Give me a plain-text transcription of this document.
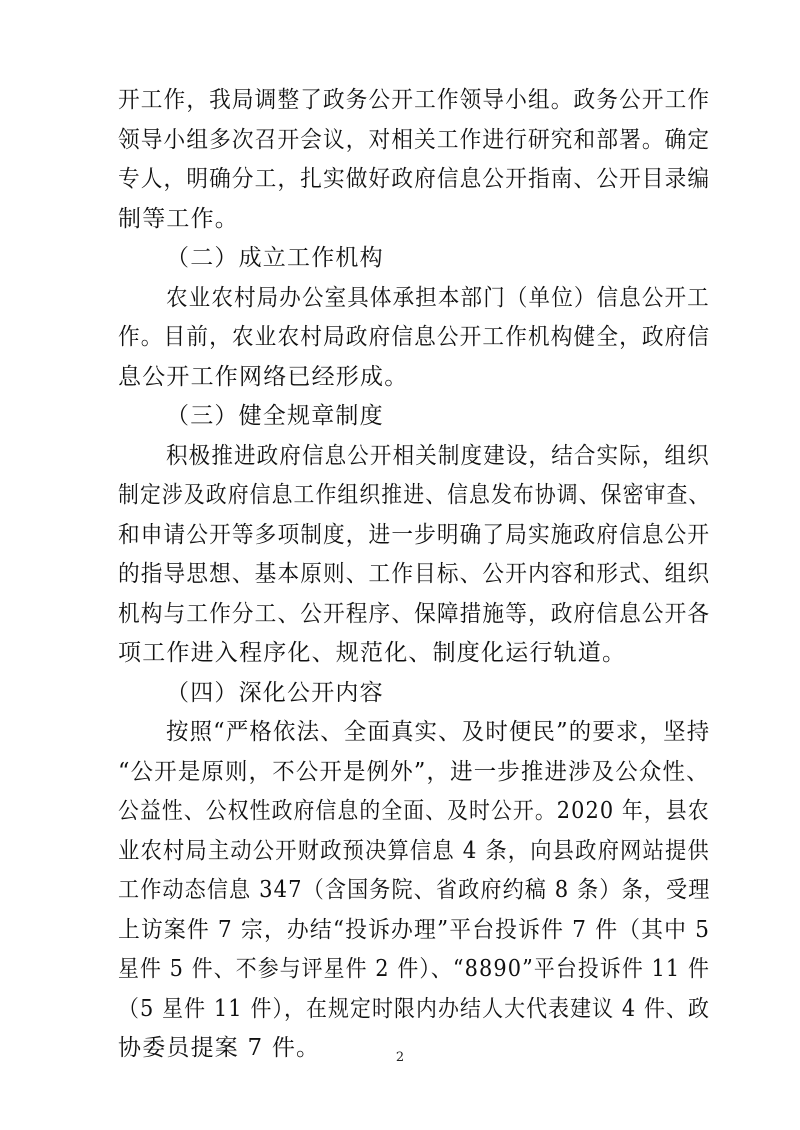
开工作，我局调整了政务公开工作领导小组。政务公开工作
领导小组多次召开会议，对相关工作进行研究和部署。确定
专人，明确分工，扎实做好政府信息公开指南、公开目录编
制等工作。
（二）成立工作机构
农业农村局办公室具体承担本部门（单位）信息公开工
作。目前，农业农村局政府信息公开工作机构健全，政府信
息公开工作网络已经形成。
（三）健全规章制度
积极推进政府信息公开相关制度建设，结合实际，组织
制定涉及政府信息工作组织推进、信息发布协调、保密审查、
和申请公开等多项制度，进一步明确了局实施政府信息公开
的指导思想、基本原则、工作目标、公开内容和形式、组织
机构与工作分工、公开程序、保障措施等，政府信息公开各
项工作进入程序化、规范化、制度化运行轨道。
（四）深化公开内容
按照“严格依法、全面真实、及时便民”的要求，坚持
“公开是原则，不公开是例外”，进一步推进涉及公众性、
公益性、公权性政府信息的全面、及时公开。2020 年，县农
业农村局主动公开财政预决算信息 4 条，向县政府网站提供
工作动态信息 347（含国务院、省政府约稿 8 条）条，受理
上访案件 7 宗，办结“投诉办理”平台投诉件 7 件（其中 5
星件 5 件、不参与评星件 2 件）、“8890”平台投诉件 11 件
（5 星件 11 件），在规定时限内办结人大代表建议 4 件、政
协委员提案 7 件。	2
